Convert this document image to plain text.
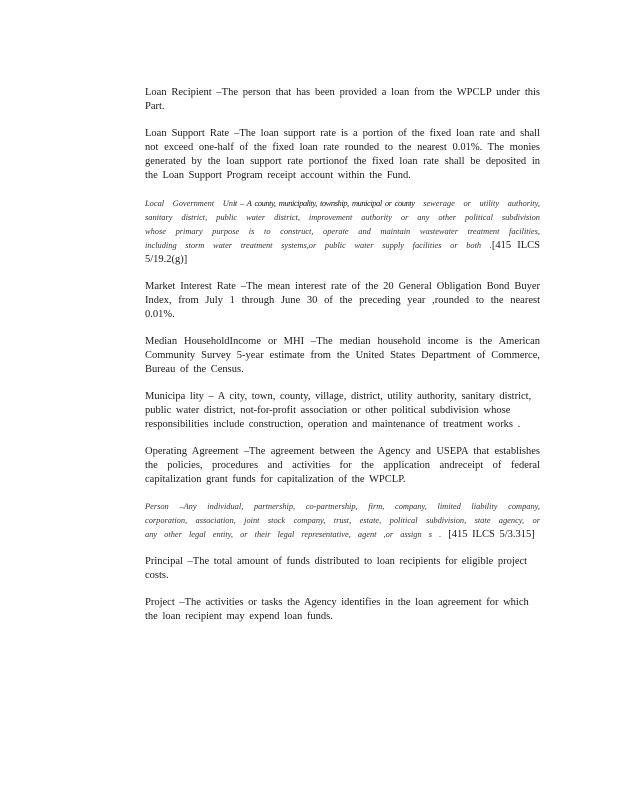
Loan Recipient –The person that has been provided a loan from the WPCLP under this Part.

Loan Support Rate –The loan support rate is a portion of the fixed loan rate and shall not exceed one-half of the fixed loan rate rounded to the nearest 0.01%. The monies generated by the loan support rate portionof the fixed loan rate shall be deposited in the Loan Support Program receipt account within the Fund.

Local Government Unit – A county, municipality, township, municipal or county sewerage or utility authority, sanitary district, public water district, improvement authority or any other political subdivision whose primary purpose is to construct, operate and maintain wastewater treatment facilities, including storm water treatment systems,or public water supply facilities or both .[415 ILCS 5/19.2(g)]

Market Interest Rate –The mean interest rate of the 20 General Obligation Bond Buyer Index, from July 1 through June 30 of the preceding year ,rounded to the nearest 0.01%.

Median HouseholdIncome or MHI –The median household income is the American Community Survey 5-year estimate from the United States Department of Commerce, Bureau of the Census.

Municipa lity – A city, town, county, village, district, utility authority, sanitary district, public water district, not-for-profit association or other political subdivision whose responsibilities include construction, operation and maintenance of treatment works .

Operating Agreement –The agreement between the Agency and USEPA that establishes the policies, procedures and activities for the application andreceipt of federal capitalization grant funds for capitalization of the WPCLP.

Person –Any individual, partnership, co-partnership, firm, company, limited liability company, corporation, association, joint stock company, trust, estate, political subdivision, state agency, or any other legal entity, or their legal representative, agent ,or assign s . [415 ILCS 5/3.315]

Principal –The total amount of funds distributed to loan recipients for eligible project costs.

Project –The activities or tasks the Agency identifies in the loan agreement for which the loan recipient may expend loan funds.
